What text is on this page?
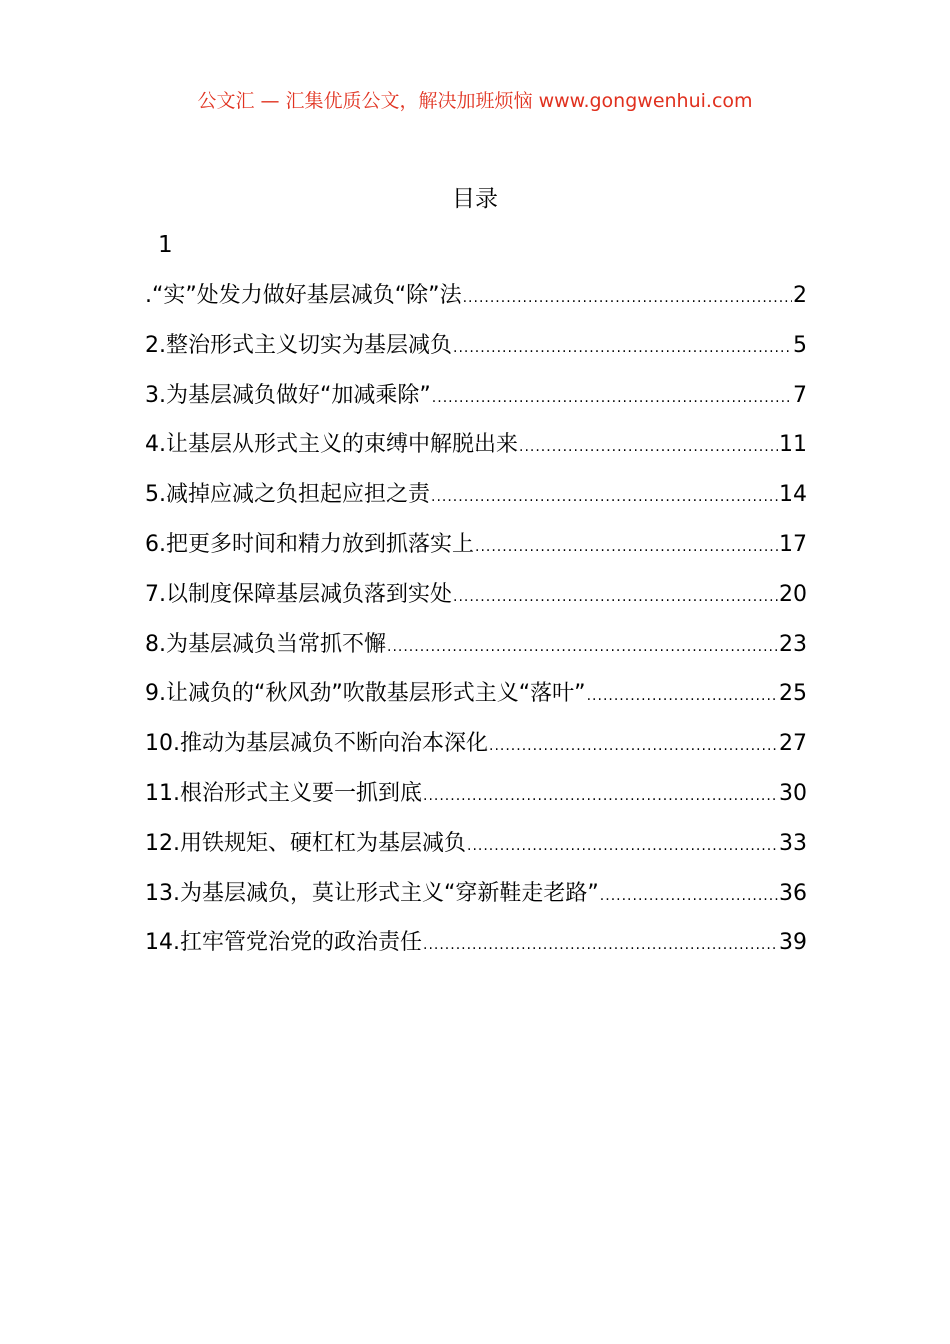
公文汇 — 汇集优质公文，解决加班烦恼 www.gongwenhui.com
目录
1
.“实”处发力做好基层减负“除”法 .....	2
2.整治形式主义切实为基层减负 .....	5
3.为基层减负做好“加减乘除” .....	7
4.让基层从形式主义的束缚中解脱出来 .....	11
5.减掉应减之负担起应担之责 .....	14
6.把更多时间和精力放到抓落实上 .....	17
7.以制度保障基层减负落到实处 .....	20
8.为基层减负当常抓不懈 .....	23
9.让减负的“秋风劲”吹散基层形式主义“落叶” .....	25
10.推动为基层减负不断向治本深化 .....	27
11.根治形式主义要一抓到底 .....	30
12.用铁规矩、硬杠杠为基层减负 .....	33
13.为基层减负，莫让形式主义“穿新鞋走老路” .....	36
14.扛牢管党治党的政治责任 .....	39
